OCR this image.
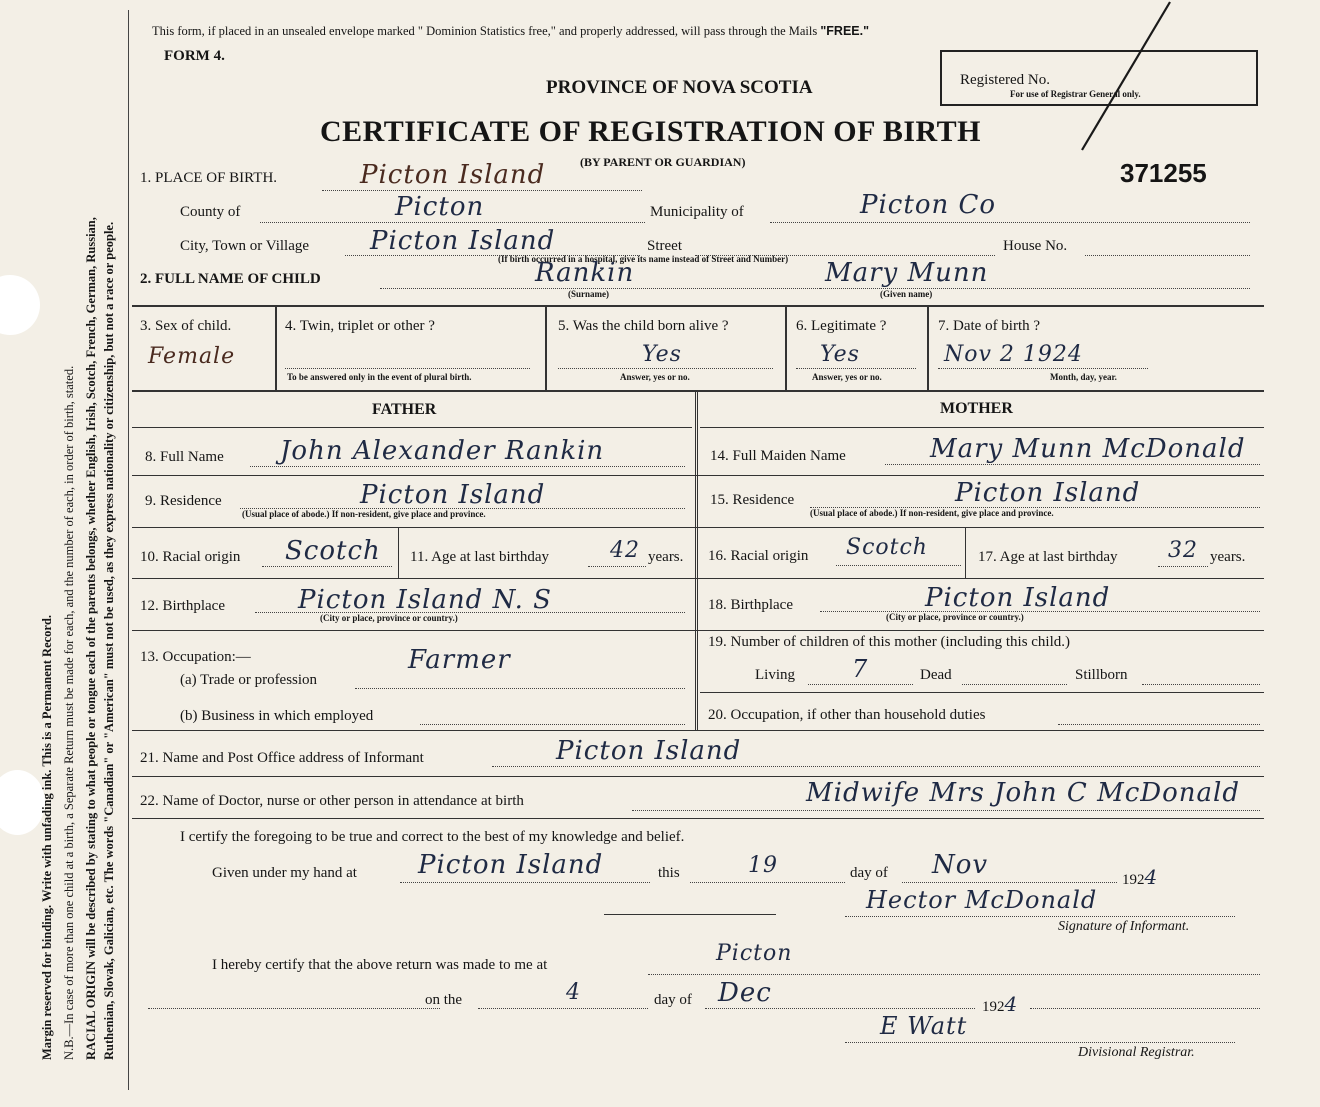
Margin reserved for binding. Write with unfading ink. This is a Permanent Record. N.B.—In case of more than one child at a birth, a Separate Return must be made for each, and the number of each, in order of birth, stated. RACIAL ORIGIN will be described by stating to what people or tongue each of the parents belongs, whether English, Irish, Scotch, French, German, Russian, Ruthenian, Slovak, Galician, etc. The words "Canadian" or "American" must not be used, as they express nationality or citizenship, but not a race or people.
This form, if placed in an unsealed envelope marked " Dominion Statistics free," and properly addressed, will pass through the Mails "FREE."
FORM 4.
PROVINCE OF NOVA SCOTIA
CERTIFICATE OF REGISTRATION OF BIRTH
(BY PARENT OR GUARDIAN)
Registered No.
For use of Registrar General only.
371255
1. PLACE OF BIRTH.	Picton Island
County of	Picton	Municipality of	Picton Co
City, Town or Village Picton Island	Street	House No.
(If birth occurred in a hospital, give its name instead of Street and Number)
2. FULL NAME OF CHILD	Rankin
(Surname)
Mary Munn
(Given name)
3. Sex of child.
Female
4. Twin, triplet or other ?
To be answered only in the event of plural birth.
5. Was the child born alive ?
Yes
Answer, yes or no.
6. Legitimate ?
Yes
Answer, yes or no.
7. Date of birth ?
Nov 2 1924
Month, day, year.
FATHER	MOTHER
8. Full Name John Alexander Rankin
9. Residence	Picton Island
(Usual place of abode.) If non-resident, give place and province.
10. Racial origin Scotch 11. Age at last birthday	42 years.
12. Birthplace	Picton Island N. S
(City or place, province or country.)
13. Occupation:—
(a) Trade or profession
Farmer
(b) Business in which employed
14. Full Maiden Name	Mary Munn McDonald
15. Residence	Picton Island
(Usual place of abode.) If non-resident, give place and province.
16. Racial origin Scotch	17. Age at last birthday 32 years.
18. Birthplace	Picton Island
(City or place, province or country.)
19. Number of children of this mother (including this child.)
Living 7	Dead	Stillborn
20. Occupation, if other than household duties
21. Name and Post Office address of Informant	Picton Island
22. Name of Doctor, nurse or other person in attendance at birth	Midwife Mrs John C McDonald
I certify the foregoing to be true and correct to the best of my knowledge and belief.
Given under my hand at Picton Island	this	19	day of Nov	1924
Hector McDonald
Signature of Informant.
I hereby certify that the above return was made to me at	Picton
on the	4	day of Dec	1924
E Watt
Divisional Registrar.
